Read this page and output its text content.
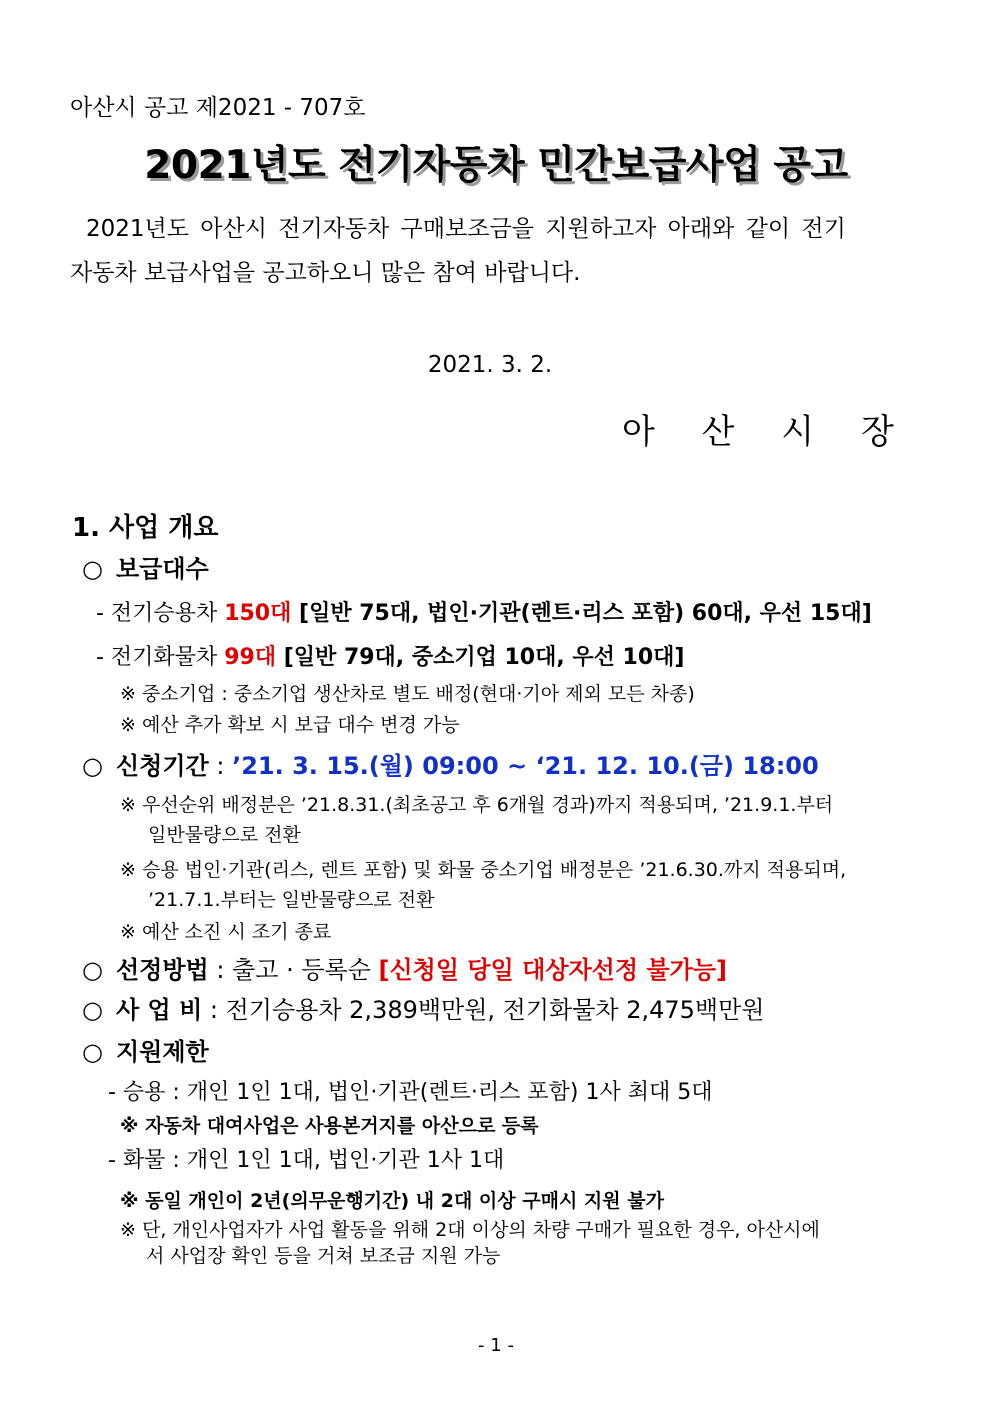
아산시 공고 제2021 - 707호
2021년도 전기자동차 민간보급사업 공고
2021년도 아산시 전기자동차 구매보조금을 지원하고자 아래와 같이 전기
자동차 보급사업을 공고하오니 많은 참여 바랍니다.
2021. 3. 2.
아 산 시 장
1. 사업 개요
○ 보급대수
- 전기승용차 150대 [일반 75대, 법인·기관(렌트·리스 포함) 60대, 우선 15대]
- 전기화물차 99대 [일반 79대, 중소기업 10대, 우선 10대]
※ 중소기업 : 중소기업 생산차로 별도 배정(현대·기아 제외 모든 차종)
※ 예산 추가 확보 시 보급 대수 변경 가능
○ 신청기간 : ’21. 3. 15.(월) 09:00 ~ ‘21. 12. 10.(금) 18:00
※ 우선순위 배정분은 ’21.8.31.(최초공고 후 6개월 경과)까지 적용되며, ’21.9.1.부터
일반물량으로 전환
※ 승용 법인·기관(리스, 렌트 포함) 및 화물 중소기업 배정분은 ’21.6.30.까지 적용되며,
’21.7.1.부터는 일반물량으로 전환
※ 예산 소진 시 조기 종료
○ 선정방법 : 출고 · 등록순 [신청일 당일 대상자선정 불가능]
○ 사 업 비 : 전기승용차 2,389백만원, 전기화물차 2,475백만원
○ 지원제한
- 승용 : 개인 1인 1대, 법인·기관(렌트·리스 포함) 1사 최대 5대
※ 자동차 대여사업은 사용본거지를 아산으로 등록
- 화물 : 개인 1인 1대, 법인·기관 1사 1대
※ 동일 개인이 2년(의무운행기간) 내 2대 이상 구매시 지원 불가
※ 단, 개인사업자가 사업 활동을 위해 2대 이상의 차량 구매가 필요한 경우, 아산시에
서 사업장 확인 등을 거쳐 보조금 지원 가능
- 1 -
